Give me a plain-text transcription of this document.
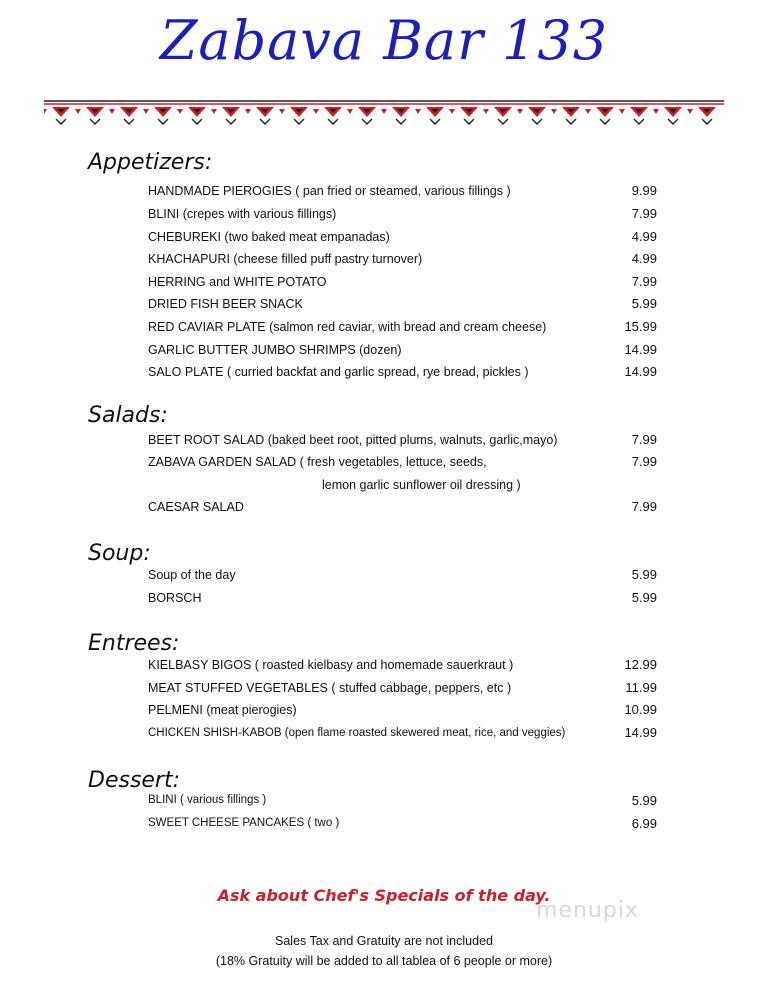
Zabava Bar 133
Appetizers:
HANDMADE PIEROGIES ( pan fried or steamed, various fillings )	9.99
BLINI (crepes with various fillings)	7.99
CHEBUREKI (two baked meat empanadas)	4.99
KHACHAPURI (cheese filled puff pastry turnover)	4.99
HERRING and WHITE POTATO	7.99
DRIED FISH BEER SNACK	5.99
RED CAVIAR PLATE (salmon red caviar, with bread and cream cheese)	15.99
GARLIC BUTTER JUMBO SHRIMPS (dozen)	14.99
SALO PLATE ( curried backfat and garlic spread, rye bread, pickles )	14.99
Salads:
BEET ROOT SALAD (baked beet root, pitted plums, walnuts, garlic,mayo)	7.99
ZABAVA GARDEN SALAD ( fresh vegetables, lettuce, seeds,	7.99
lemon garlic sunflower oil dressing )
CAESAR SALAD	7.99
Soup:
Soup of the day	5.99
BORSCH	5.99
Entrees:
KIELBASY BIGOS ( roasted kielbasy and homemade sauerkraut )	12.99
MEAT STUFFED VEGETABLES ( stuffed cabbage, peppers, etc )	11.99
PELMENI (meat pierogies)	10.99
CHICKEN SHISH-KABOB (open flame roasted skewered meat, rice, and veggies)	14.99
Dessert:
BLINI ( various fillings )	5.99
SWEET CHEESE PANCAKES ( two )	6.99
Ask about Chef's Specials of the day.
menupix
Sales Tax and Gratuity are not included
(18% Gratuity will be added to all tablea of 6 people or more)
